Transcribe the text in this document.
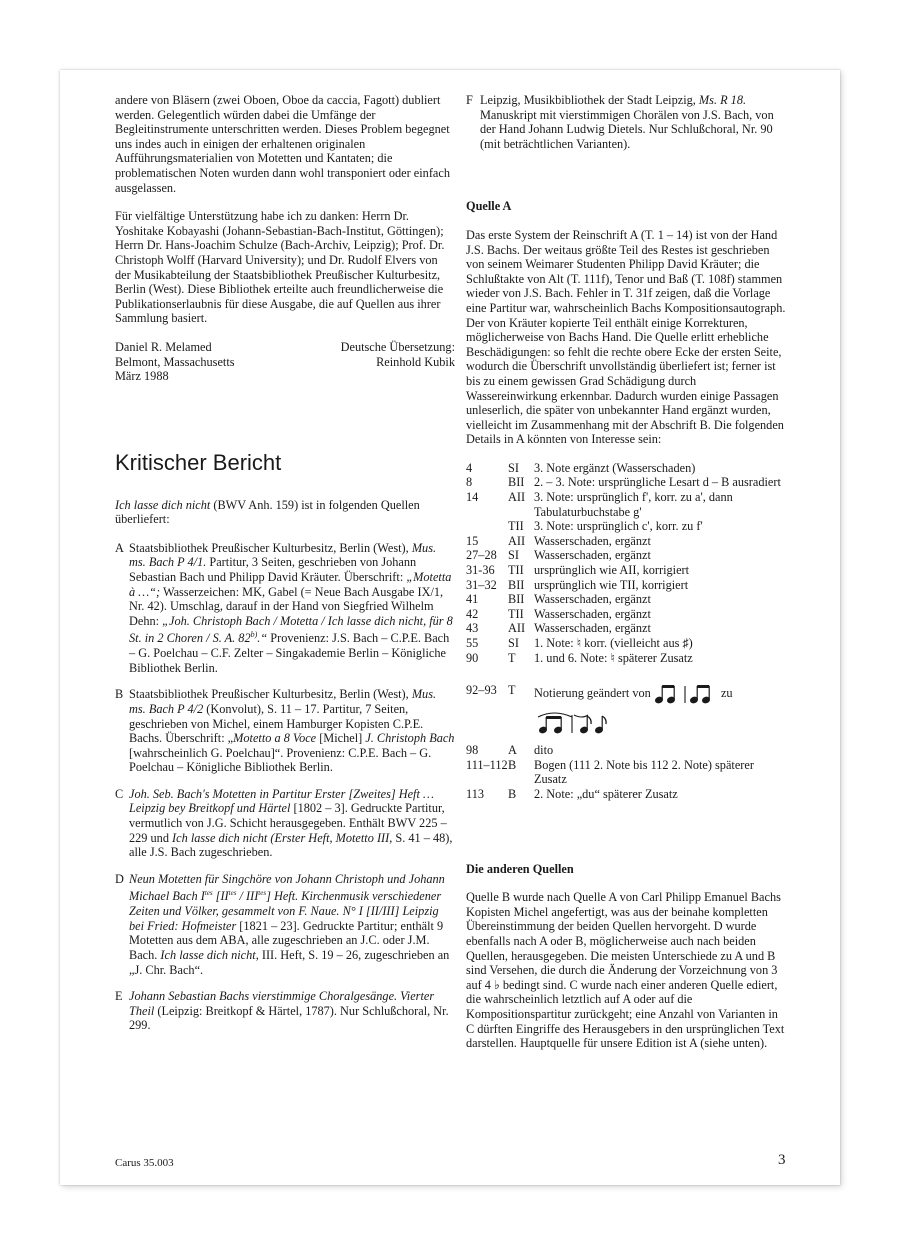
andere von Bläsern (zwei Oboen, Oboe da caccia, Fagott) dubliert werden. Gelegentlich würden dabei die Umfänge der Begleitinstrumente unterschritten werden. Dieses Problem begegnet uns indes auch in einigen der erhaltenen originalen Aufführungsmaterialien von Motetten und Kantaten; die problematischen Noten wurden dann wohl transponiert oder einfach ausgelassen.

Für vielfältige Unterstützung habe ich zu danken: Herrn Dr. Yoshitake Kobayashi (Johann-Sebastian-Bach-Institut, Göttingen); Herrn Dr. Hans-Joachim Schulze (Bach-Archiv, Leipzig); Prof. Dr. Christoph Wolff (Harvard University); und Dr. Rudolf Elvers von der Musikabteilung der Staatsbibliothek Preußischer Kulturbesitz, Berlin (West). Diese Bibliothek erteilte auch freundlicherweise die Publikationserlaubnis für diese Ausgabe, die auf Quellen aus ihrer Sammlung basiert.

Daniel R. Melamed
Belmont, Massachusetts
März 1988
Deutsche Übersetzung:
Reinhold Kubik
Kritischer Bericht

Ich lasse dich nicht (BWV Anh. 159) ist in folgenden Quellen überliefert:

A Staatsbibliothek Preußischer Kulturbesitz, Berlin (West), Mus. ms. Bach P 4/1. Partitur, 3 Seiten, geschrieben von Johann Sebastian Bach und Philipp David Kräuter. Überschrift: „Motetta à …“; Wasserzeichen: MK, Gabel (= Neue Bach Ausgabe IX/1, Nr. 42). Umschlag, darauf in der Hand von Siegfried Wilhelm Dehn: „Joh. Christoph Bach / Motetta / Ich lasse dich nicht, für 8 St. in 2 Choren / S. A. 82$^{b)}$.“ Provenienz: J.S. Bach – C.P.E. Bach – G. Poelchau – C.F. Zelter – Singakademie Berlin – Königliche Bibliothek Berlin.
B Staatsbibliothek Preußischer Kulturbesitz, Berlin (West), Mus. ms. Bach P 4/2 (Konvolut), S. 11 – 17. Partitur, 7 Seiten, geschrieben von Michel, einem Hamburger Kopisten C.P.E. Bachs. Überschrift: „Motetto a 8 Voce [Michel] J. Christoph Bach [wahrscheinlich G. Poelchau]“. Provenienz: C.P.E. Bach – G. Poelchau – Königliche Bibliothek Berlin.
C Joh. Seb. Bach's Motetten in Partitur Erster [Zweites] Heft … Leipzig bey Breitkopf und Härtel [1802 – 3]. Gedruckte Partitur, vermutlich von J.G. Schicht herausgegeben. Enthält BWV 225 – 229 und Ich lasse dich nicht (Erster Heft, Motetto III, S. 41 – 48), alle J.S. Bach zugeschrieben.
D Neun Motetten für Singchöre von Johann Christoph und Johann Michael Bach $I^{tes}$ $[II^{tes} / III^{tes}]$ Heft. Kirchenmusik verschiedener Zeiten und Völker, gesammelt von F. Naue. N° I [II/III] Leipzig bei Fried: Hofmeister [1821 – 23]. Gedruckte Partitur; enthält 9 Motetten aus dem ABA, alle zugeschrieben an J.C. oder J.M. Bach. Ich lasse dich nicht, III. Heft, S. 19 – 26, zugeschrieben an „J. Chr. Bach“.
E Johann Sebastian Bachs vierstimmige Choralgesänge. Vierter Theil (Leipzig: Breitkopf & Härtel, 1787). Nur Schlußchoral, Nr. 299.
Carus 35.003
F Leipzig, Musikbibliothek der Stadt Leipzig, Ms. R 18. Manuskript mit vierstimmigen Chorälen von J.S. Bach, von der Hand Johann Ludwig Dietels. Nur Schlußchoral, Nr. 90 (mit beträchtlichen Varianten).
Quelle A

Das erste System der Reinschrift A (T. 1 – 14) ist von der Hand J.S. Bachs. Der weitaus größte Teil des Restes ist geschrieben von seinem Weimarer Studenten Philipp David Kräuter; die Schlußtakte von Alt (T. 111f), Tenor und Baß (T. 108f) stammen wieder von J.S. Bach. Fehler in T. 31f zeigen, daß die Vorlage eine Partitur war, wahrscheinlich Bachs Kompositionsautograph. Der von Kräuter kopierte Teil enthält einige Korrekturen, möglicherweise von Bachs Hand. Die Quelle erlitt erhebliche Beschädigungen: so fehlt die rechte obere Ecke der ersten Seite, wodurch die Überschrift unvollständig überliefert ist; ferner ist bis zu einem gewissen Grad Schädigung durch Wassereinwirkung erkennbar. Dadurch wurden einige Passagen unleserlich, die später von unbekannter Hand ergänzt wurden, vielleicht im Zusammenhang mit der Abschrift B. Die folgenden Details in A könnten von Interesse sein:

4	SI	3. Note ergänzt (Wasserschaden)
8	BII	2. – 3. Note: ursprüngliche Lesart d – B ausradiert
14	AII	3. Note: ursprünglich f', korr. zu a', dann Tabulaturbuchstabe g'
	TII	3. Note: ursprünglich c', korr. zu f'
15	AII	Wasserschaden, ergänzt
27–28	SI	Wasserschaden, ergänzt
31-36	TII	ursprünglich wie AII, korrigiert
31–32	BII	ursprünglich wie TII, korrigiert
41	BII	Wasserschaden, ergänzt
42	TII	Wasserschaden, ergänzt
43	AII	Wasserschaden, ergänzt
55	SI	1. Note: ♮ korr. (vielleicht aus ♯)
90	T	1. und 6. Note: ♮ späterer Zusatz
92–93	T	Notierung geändert von	zu
98	A	dito
111–112	B	Bogen (111 2. Note bis 112 2. Note) späterer Zusatz
113	B	2. Note: „du“ späterer Zusatz
Die anderen Quellen

Quelle B wurde nach Quelle A von Carl Philipp Emanuel Bachs Kopisten Michel angefertigt, was aus der beinahe kompletten Übereinstimmung der beiden Quellen hervorgeht. D wurde ebenfalls nach A oder B, möglicherweise auch nach beiden Quellen, herausgegeben. Die meisten Unterschiede zu A und B sind Versehen, die durch die Änderung der Vorzeichnung von 3 auf 4 ♭ bedingt sind. C wurde nach einer anderen Quelle ediert, die wahrscheinlich letztlich auf A oder auf die Kompositionspartitur zurückgeht; eine Anzahl von Varianten in C dürften Eingriffe des Herausgebers in den ursprünglichen Text darstellen. Hauptquelle für unsere Edition ist A (siehe unten).

3
